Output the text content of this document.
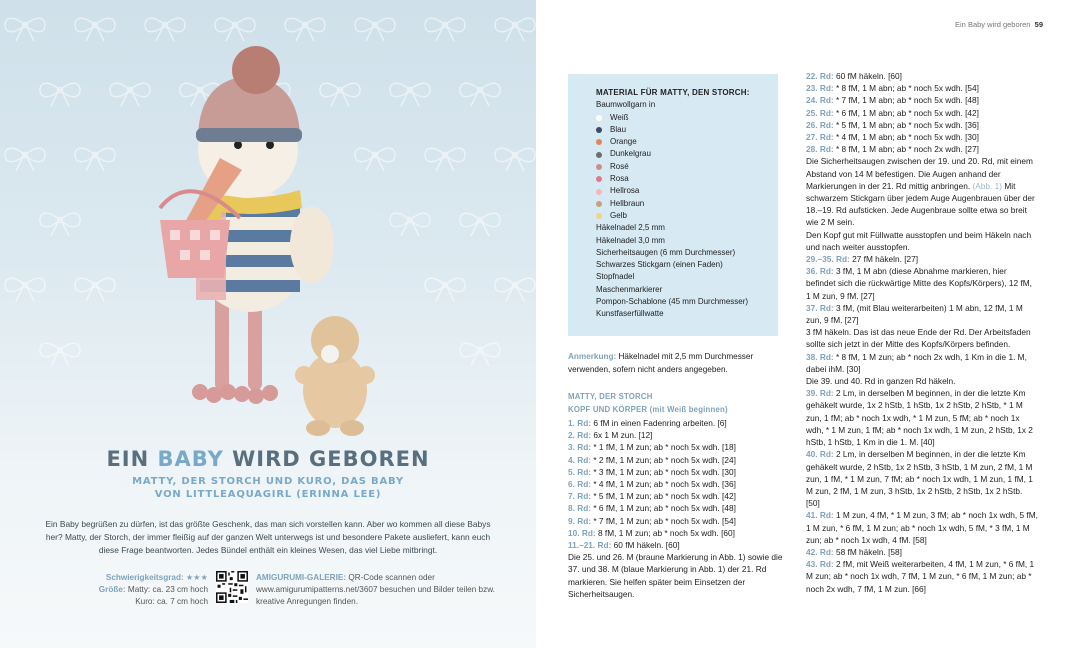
EIN BABY WIRD GEBOREN
MATTY, DER STORCH UND KURO, DAS BABY
VON LITTLEAQUAGIRL (ERINNA LEE)
Ein Baby begrüßen zu dürfen, ist das größte Geschenk, das man sich vorstellen kann. Aber wo kommen all diese Babys her? Matty, der Storch, der immer fleißig auf der ganzen Welt unterwegs ist und besondere Pakete ausliefert, kann euch diese Frage beantworten. Jedes Bündel enthält ein kleines Wesen, das viel Liebe mitbringt.
Schwierigkeitsgrad: ★★★
Größe: Matty: ca. 23 cm hoch
Kuro: ca. 7 cm hoch
AMIGURUMI-GALERIE: QR-Code scannen oder www.amigurumipatterns.net/3607 besuchen und Bilder teilen bzw. kreative Anregungen finden.
Ein Baby wird geboren 59
MATERIAL FÜR MATTY, DEN STORCH:
Baumwollgarn in
Weiß
Blau
Orange
Dunkelgrau
Rosé
Rosa
Hellrosa
Hellbraun
Gelb
Häkelnadel 2,5 mm
Häkelnadel 3,0 mm
Sicherheitsaugen (6 mm Durchmesser)
Schwarzes Stickgarn (einen Faden)
Stopfnadel
Maschenmarkierer
Pompon-Schablone (45 mm Durchmesser)
Kunstfaserfüllwatte
Anmerkung: Häkelnadel mit 2,5 mm Durchmesser verwenden, sofern nicht anders angegeben.
MATTY, DER STORCH
KOPF UND KÖRPER (mit Weiß beginnen)
1. Rd: 6 fM in einen Fadenring arbeiten. [6]
2. Rd: 6x 1 M zun. [12]
3. Rd: * 1 fM, 1 M zun; ab * noch 5x wdh. [18]
4. Rd: * 2 fM, 1 M zun; ab * noch 5x wdh. [24]
5. Rd: * 3 fM, 1 M zun; ab * noch 5x wdh. [30]
6. Rd: * 4 fM, 1 M zun; ab * noch 5x wdh. [36]
7. Rd: * 5 fM, 1 M zun; ab * noch 5x wdh. [42]
8. Rd: * 6 fM, 1 M zun; ab * noch 5x wdh. [48]
9. Rd: * 7 fM, 1 M zun; ab * noch 5x wdh. [54]
10. Rd: 8 fM, 1 M zun; ab * noch 5x wdh. [60]
11.–21. Rd: 60 fM häkeln. [60]
Die 25. und 26. M (braune Markierung in Abb. 1) sowie die 37. und 38. M (blaue Markierung in Abb. 1) der 21. Rd markieren. Sie helfen später beim Einsetzen der Sicherheitsaugen.
22. Rd: 60 fM häkeln. [60]
23. Rd: * 8 fM, 1 M abn; ab * noch 5x wdh. [54]
24. Rd: * 7 fM, 1 M abn; ab * noch 5x wdh. [48]
25. Rd: * 6 fM, 1 M abn; ab * noch 5x wdh. [42]
26. Rd: * 5 fM, 1 M abn; ab * noch 5x wdh. [36]
27. Rd: * 4 fM, 1 M abn; ab * noch 5x wdh. [30]
28. Rd: * 8 fM, 1 M abn; ab * noch 2x wdh. [27]
Die Sicherheitsaugen zwischen der 19. und 20. Rd, mit einem Abstand von 14 M befestigen. Die Augen anhand der Markierungen in der 21. Rd mittig anbringen. (Abb. 1) Mit schwarzem Stickgarn über jedem Auge Augenbrauen über der 18.–19. Rd aufsticken. Jede Augenbraue sollte etwa so breit wie 2 M sein.
Den Kopf gut mit Füllwatte ausstopfen und beim Häkeln nach und nach weiter ausstopfen.
29.–35. Rd: 27 fM häkeln. [27]
36. Rd: 3 fM, 1 M abn (diese Abnahme markieren, hier befindet sich die rückwärtige Mitte des Kopfs/Körpers), 12 fM, 1 M zun, 9 fM. [27]
37. Rd: 3 fM, (mit Blau weiterarbeiten) 1 M abn, 12 fM, 1 M zun, 9 fM. [27]
3 fM häkeln. Das ist das neue Ende der Rd. Der Arbeitsfaden sollte sich jetzt in der Mitte des Kopfs/Körpers befinden.
38. Rd: * 8 fM, 1 M zun; ab * noch 2x wdh, 1 Km in die 1. M, dabei ihM. [30]
Die 39. und 40. Rd in ganzen Rd häkeln.
39. Rd: 2 Lm, in derselben M beginnen, in der die letzte Km gehäkelt wurde, 1x 2 hStb, 1 hStb, 1x 2 hStb, 2 hStb, * 1 M zun, 1 fM; ab * noch 1x wdh, * 1 M zun, 5 fM; ab * noch 1x wdh, * 1 M zun, 1 fM; ab * noch 1x wdh, 1 M zun, 2 hStb, 1x 2 hStb, 1 hStb, 1 Km in die 1. M. [40]
40. Rd: 2 Lm, in derselben M beginnen, in der die letzte Km gehäkelt wurde, 2 hStb, 1x 2 hStb, 3 hStb, 1 M zun, 2 fM, 1 M zun, 1 fM, * 1 M zun, 7 fM; ab * noch 1x wdh, 1 M zun, 1 fM, 1 M zun, 2 fM, 1 M zun, 3 hStb, 1x 2 hStb, 2 hStb, 1x 2 hStb. [50]
41. Rd: 1 M zun, 4 fM, * 1 M zun, 3 fM; ab * noch 1x wdh, 5 fM, 1 M zun, * 6 fM, 1 M zun; ab * noch 1x wdh, 5 fM, * 3 fM, 1 M zun; ab * noch 1x wdh, 4 fM. [58]
42. Rd: 58 fM häkeln. [58]
43. Rd: 2 fM, mit Weiß weiterarbeiten, 4 fM, 1 M zun, * 6 fM, 1 M zun; ab * noch 1x wdh, 7 fM, 1 M zun, * 6 fM, 1 M zun; ab * noch 2x wdh, 7 fM, 1 M zun. [66]
